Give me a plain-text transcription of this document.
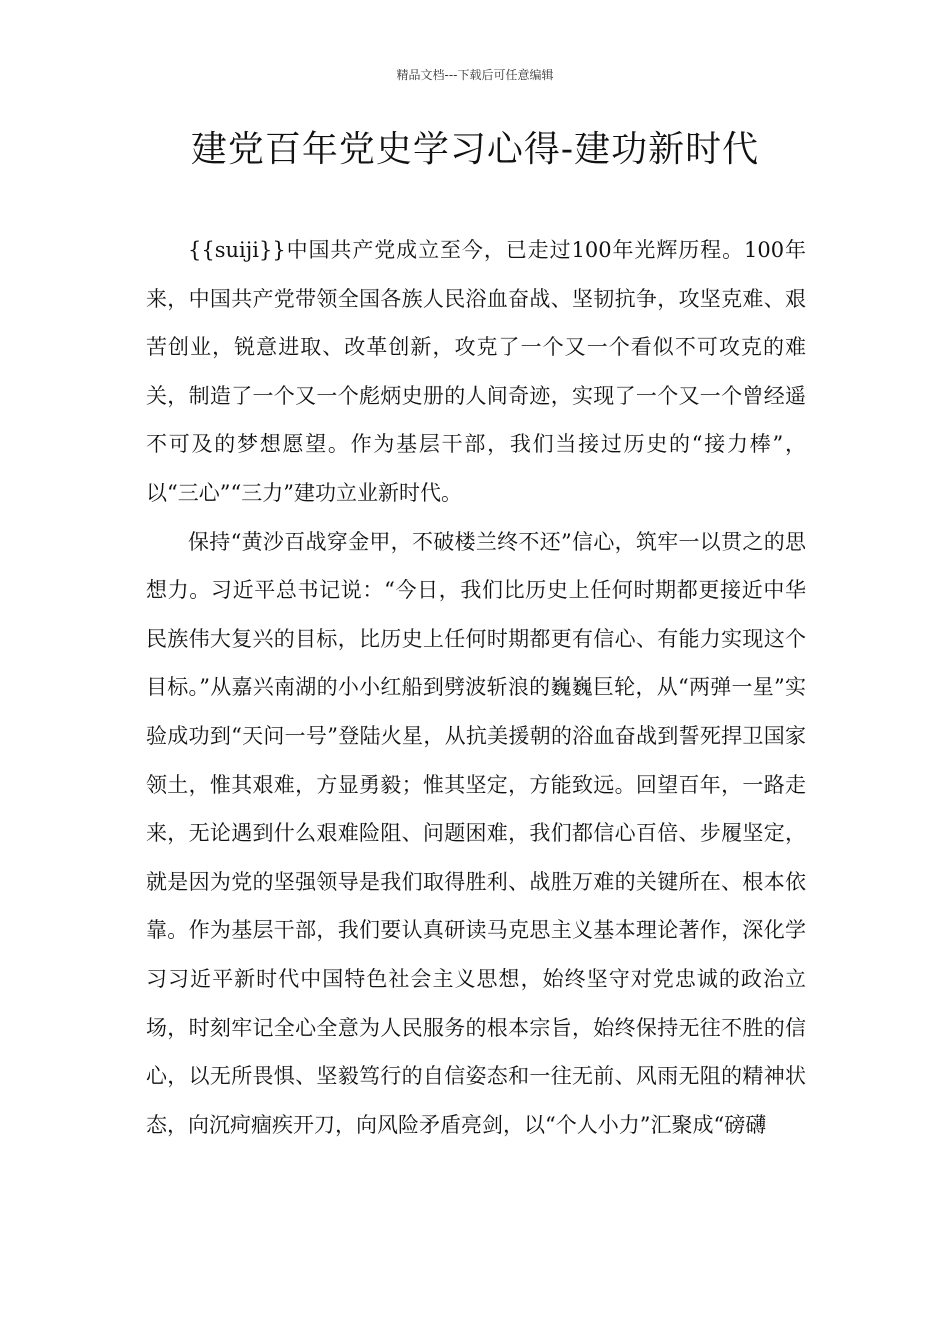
精品文档---下载后可任意编辑
建党百年党史学习心得-建功新时代

{{suiji}}中国共产党成立至今，已走过100年光辉历程。100年来，中国共产党带领全国各族人民浴血奋战、坚韧抗争，攻坚克难、艰苦创业，锐意进取、改革创新，攻克了一个又一个看似不可攻克的难关，制造了一个又一个彪炳史册的人间奇迹，实现了一个又一个曾经遥不可及的梦想愿望。作为基层干部，我们当接过历史的“接力棒”，以“三心”“三力”建功立业新时代。

保持“黄沙百战穿金甲，不破楼兰终不还”信心，筑牢一以贯之的思想力。习近平总书记说：“今日，我们比历史上任何时期都更接近中华民族伟大复兴的目标，比历史上任何时期都更有信心、有能力实现这个目标。”从嘉兴南湖的小小红船到劈波斩浪的巍巍巨轮，从“两弹一星”实验成功到“天问一号”登陆火星，从抗美援朝的浴血奋战到誓死捍卫国家领土，惟其艰难，方显勇毅；惟其坚定，方能致远。回望百年，一路走来，无论遇到什么艰难险阻、问题困难，我们都信心百倍、步履坚定，就是因为党的坚强领导是我们取得胜利、战胜万难的关键所在、根本依靠。作为基层干部，我们要认真研读马克思主义基本理论著作，深化学习习近平新时代中国特色社会主义思想，始终坚守对党忠诚的政治立场，时刻牢记全心全意为人民服务的根本宗旨，始终保持无往不胜的信心，以无所畏惧、坚毅笃行的自信姿态和一往无前、风雨无阻的精神状态，向沉疴痼疾开刀，向风险矛盾亮剑，以“个人小力”汇聚成“磅礴
